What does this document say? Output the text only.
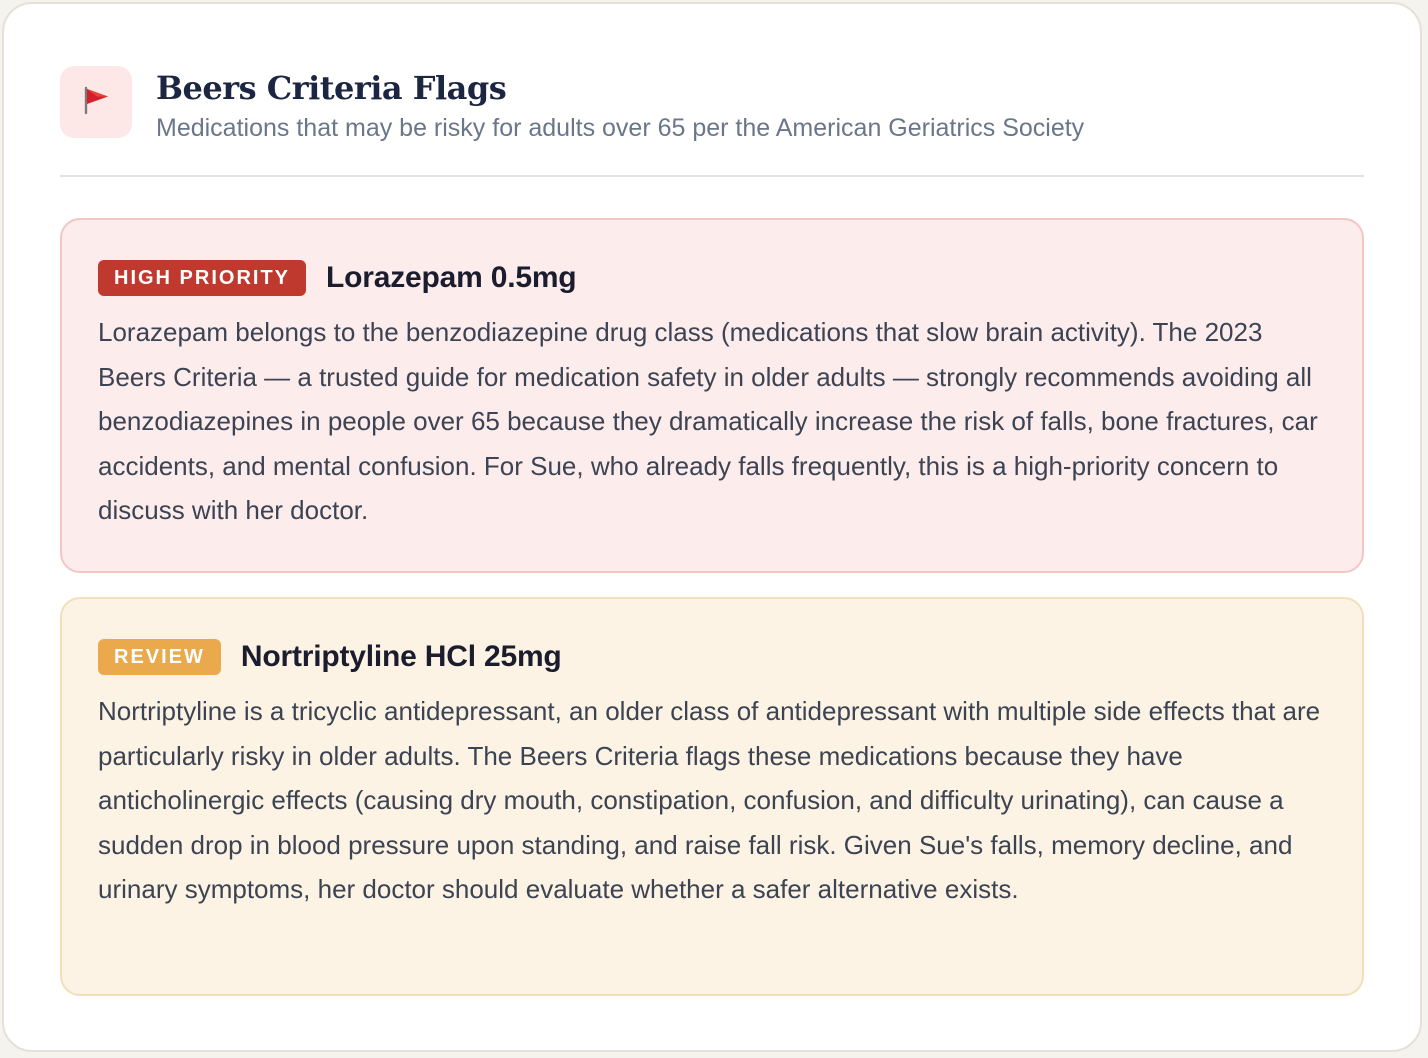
Beers Criteria Flags
Medications that may be risky for adults over 65 per the American Geriatrics Society
HIGH PRIORITY	Lorazepam 0.5mg
Lorazepam belongs to the benzodiazepine drug class (medications that slow brain activity). The 2023 Beers Criteria — a trusted guide for medication safety in older adults — strongly recommends avoiding all benzodiazepines in people over 65 because they dramatically increase the risk of falls, bone fractures, car accidents, and mental confusion. For Sue, who already falls frequently, this is a high-priority concern to discuss with her doctor.
REVIEW	Nortriptyline HCl 25mg
Nortriptyline is a tricyclic antidepressant, an older class of antidepressant with multiple side effects that are particularly risky in older adults. The Beers Criteria flags these medications because they have anticholinergic effects (causing dry mouth, constipation, confusion, and difficulty urinating), can cause a sudden drop in blood pressure upon standing, and raise fall risk. Given Sue's falls, memory decline, and urinary symptoms, her doctor should evaluate whether a safer alternative exists.
